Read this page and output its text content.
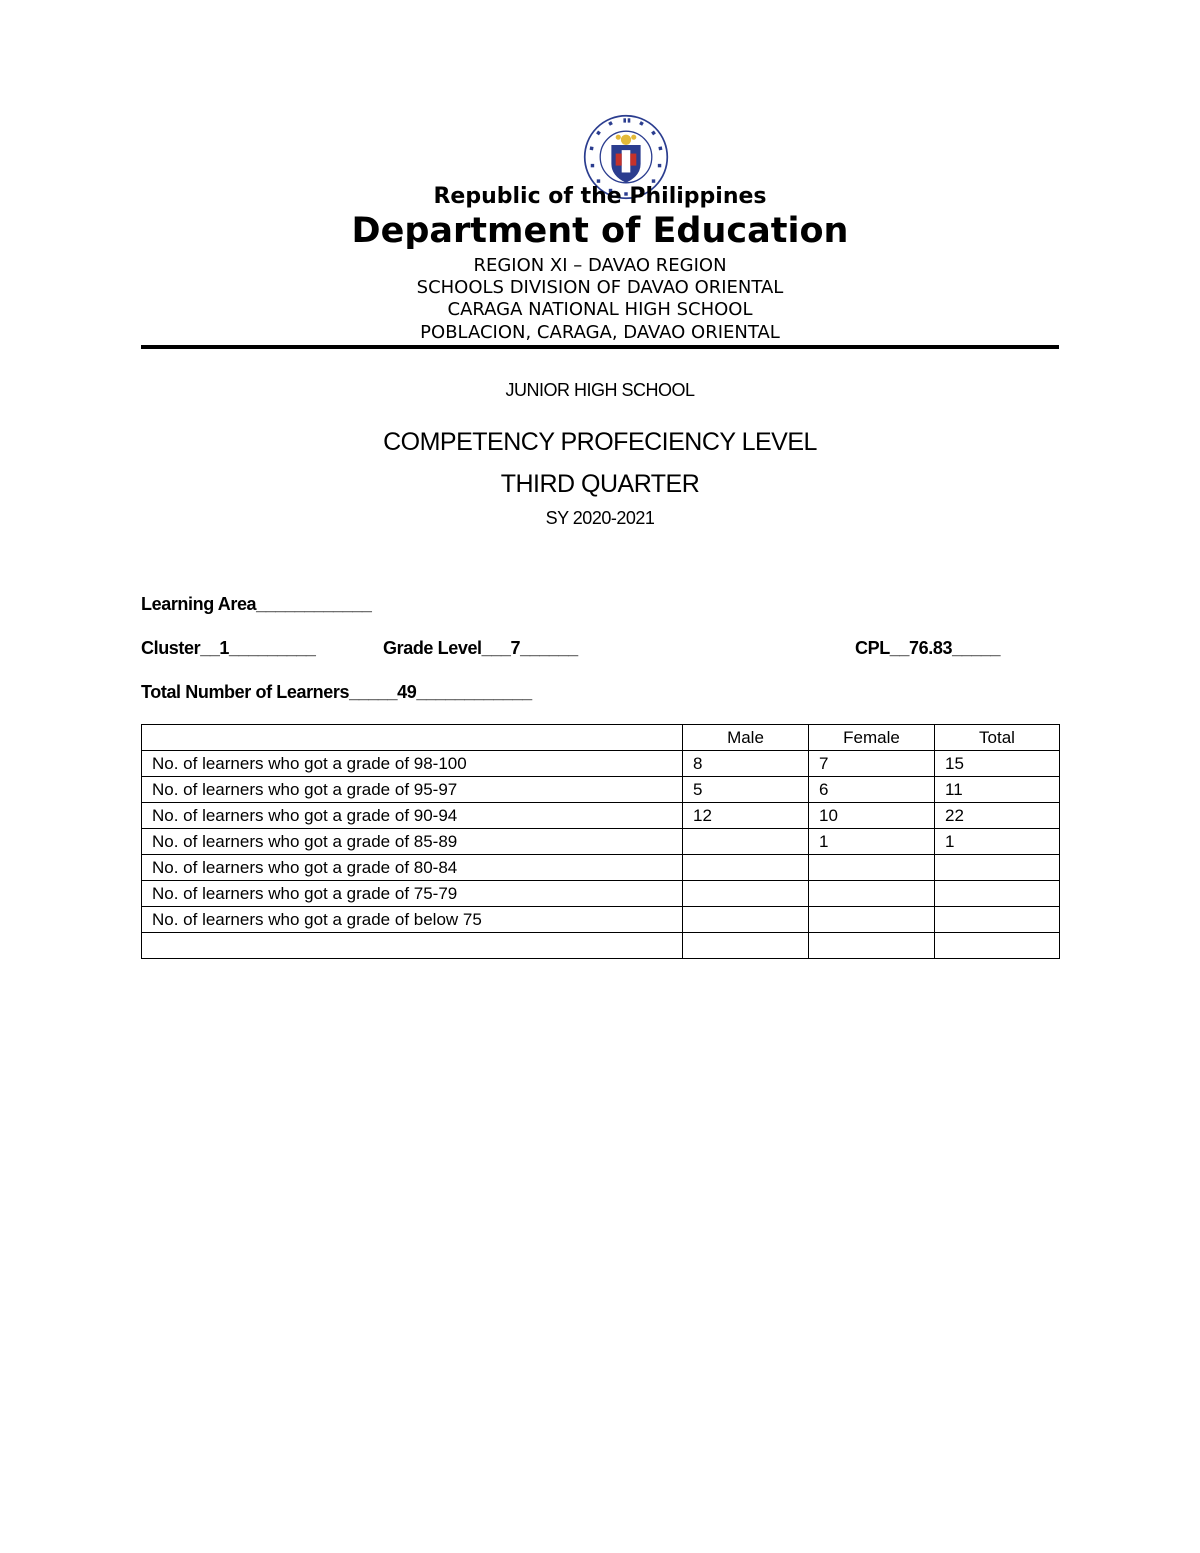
Republic of the Philippines
Department of Education
REGION XI – DAVAO REGION
SCHOOLS DIVISION OF DAVAO ORIENTAL
CARAGA NATIONAL HIGH SCHOOL
POBLACION, CARAGA, DAVAO ORIENTAL
JUNIOR HIGH SCHOOL
COMPETENCY PROFECIENCY LEVEL
THIRD QUARTER
SY 2020-2021
Learning Area____________
Cluster__1_________	Grade Level___7______	CPL__76.83_____
Total Number of Learners_____49____________
	Male	Female	Total
No. of learners who got a grade of 98-100	8	7	15
No. of learners who got a grade of 95-97	5	6	11
No. of learners who got a grade of 90-94	12	10	22
No. of learners who got a grade of 85-89		1	1
No. of learners who got a grade of 80-84			
No. of learners who got a grade of 75-79			
No. of learners who got a grade of below 75			
